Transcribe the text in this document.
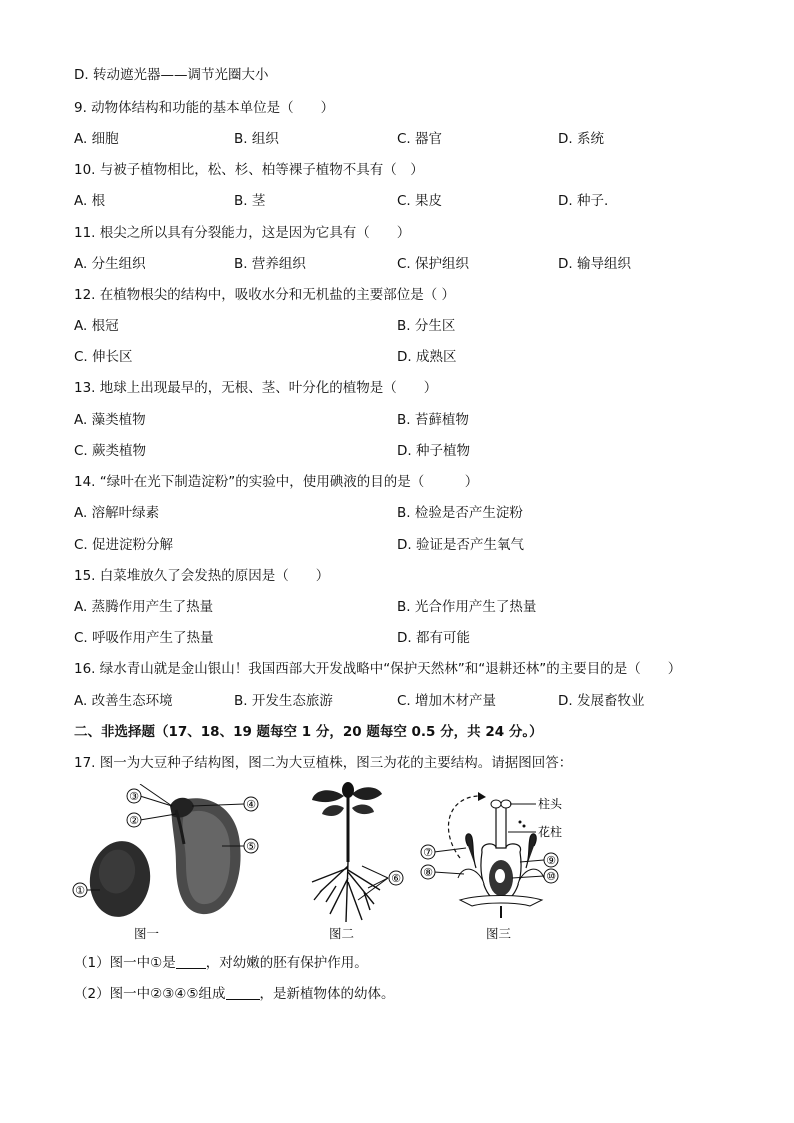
D. 转动遮光器——调节光圈大小
9. 动物体结构和功能的基本单位是（　　）
A. 细胞	B. 组织	C. 器官	D. 系统
10. 与被子植物相比，松、杉、柏等裸子植物不具有（　）
A. 根	B. 茎	C. 果皮	D. 种子.
11. 根尖之所以具有分裂能力，这是因为它具有（　　）
A. 分生组织	B. 营养组织	C. 保护组织	D. 输导组织
12. 在植物根尖的结构中，吸收水分和无机盐的主要部位是（ ）
A. 根冠	B. 分生区
C. 伸长区	D. 成熟区
13. 地球上出现最早的，无根、茎、叶分化的植物是（　　）
A. 藻类植物	B. 苔藓植物
C. 蕨类植物	D. 种子植物
14. “绿叶在光下制造淀粉”的实验中，使用碘液的目的是（　　　）
A. 溶解叶绿素	B. 检验是否产生淀粉
C. 促进淀粉分解	D. 验证是否产生氧气
15. 白菜堆放久了会发热的原因是（　　）
A. 蒸腾作用产生了热量	B. 光合作用产生了热量
C. 呼吸作用产生了热量	D. 都有可能
16. 绿水青山就是金山银山！我国西部大开发战略中“保护天然林”和“退耕还林”的主要目的是（　　）
A. 改善生态环境	B. 开发生态旅游	C. 增加木材产量	D. 发展畜牧业
二、非选择题（17、18、19 题每空 1 分，20 题每空 0.5 分，共 24 分。）
17. 图一为大豆种子结构图，图二为大豆植株，图三为花的主要结构。请据图回答：
③
②
④
⑤
①
图一
⑥
图二
柱头
花柱
⑦
⑧
⑨
⑩
图三
（1）图一中①是 ，对幼嫩的胚有保护作用。
（2）图一中②③④⑤组成	，是新植物体的幼体。
